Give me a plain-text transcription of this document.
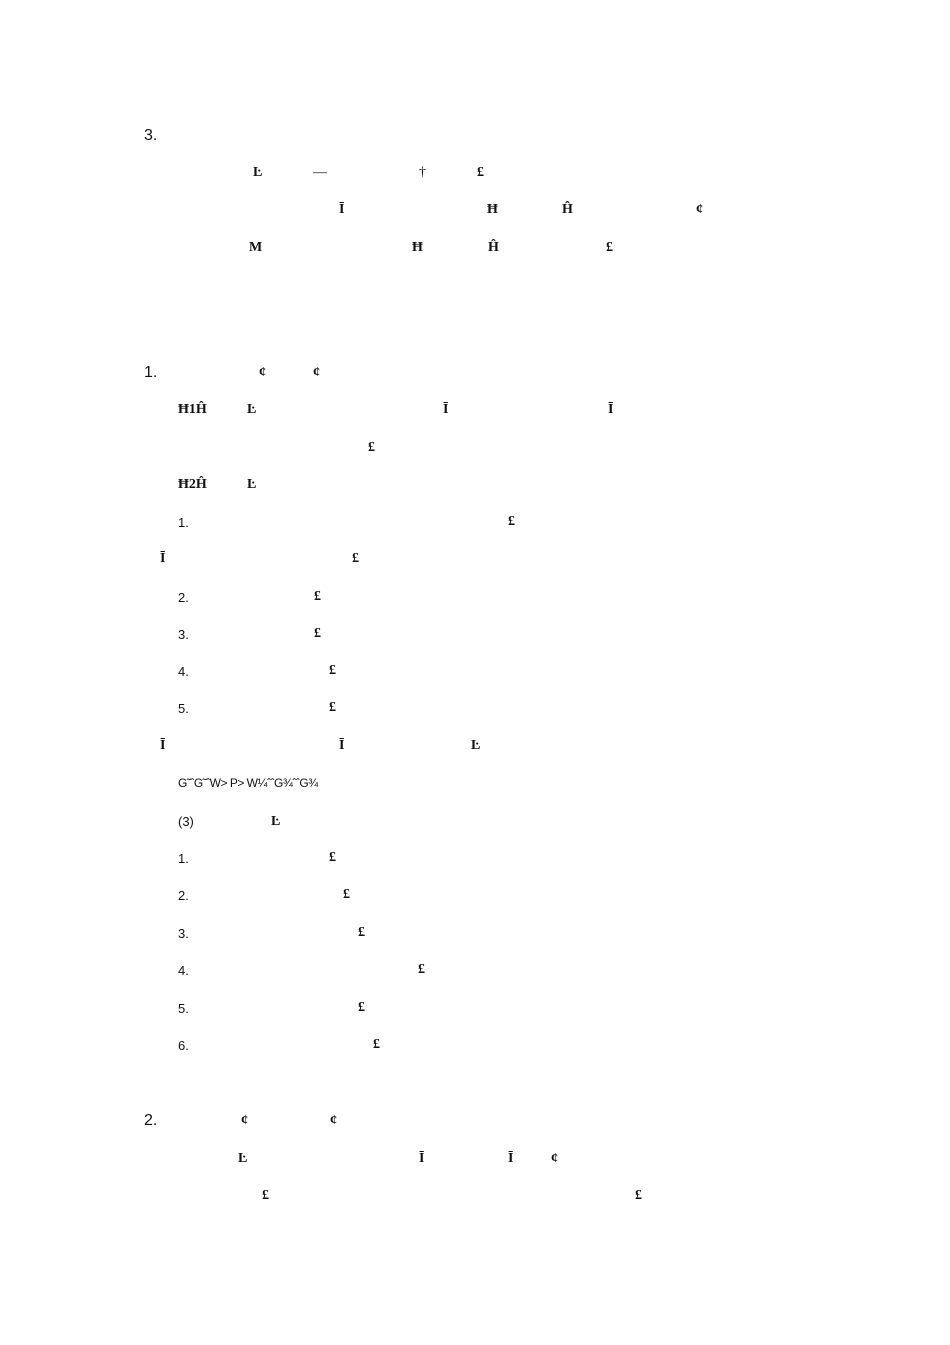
3.
Ŀ	—	†	£
Ī	Ħ	Ĥ	¢
M	Ħ	Ĥ	£
1.	¢	¢
Ħ1Ĥ	Ŀ	Ī	Ī
£
Ħ2Ĥ	Ŀ
1.	£
Ī	£
2.	£
3.	£
4.	£
5.	£
Ī	Ī	Ŀ
G˜ˆG˜ˆW> P> W¼ˆˆG¾ˆˆG¾
(3)	Ŀ
1.	£
2.	£
3.	£
4.	£
5.	£
6.	£
2.	¢	¢
Ŀ	Ī	Ī	¢
£	£
